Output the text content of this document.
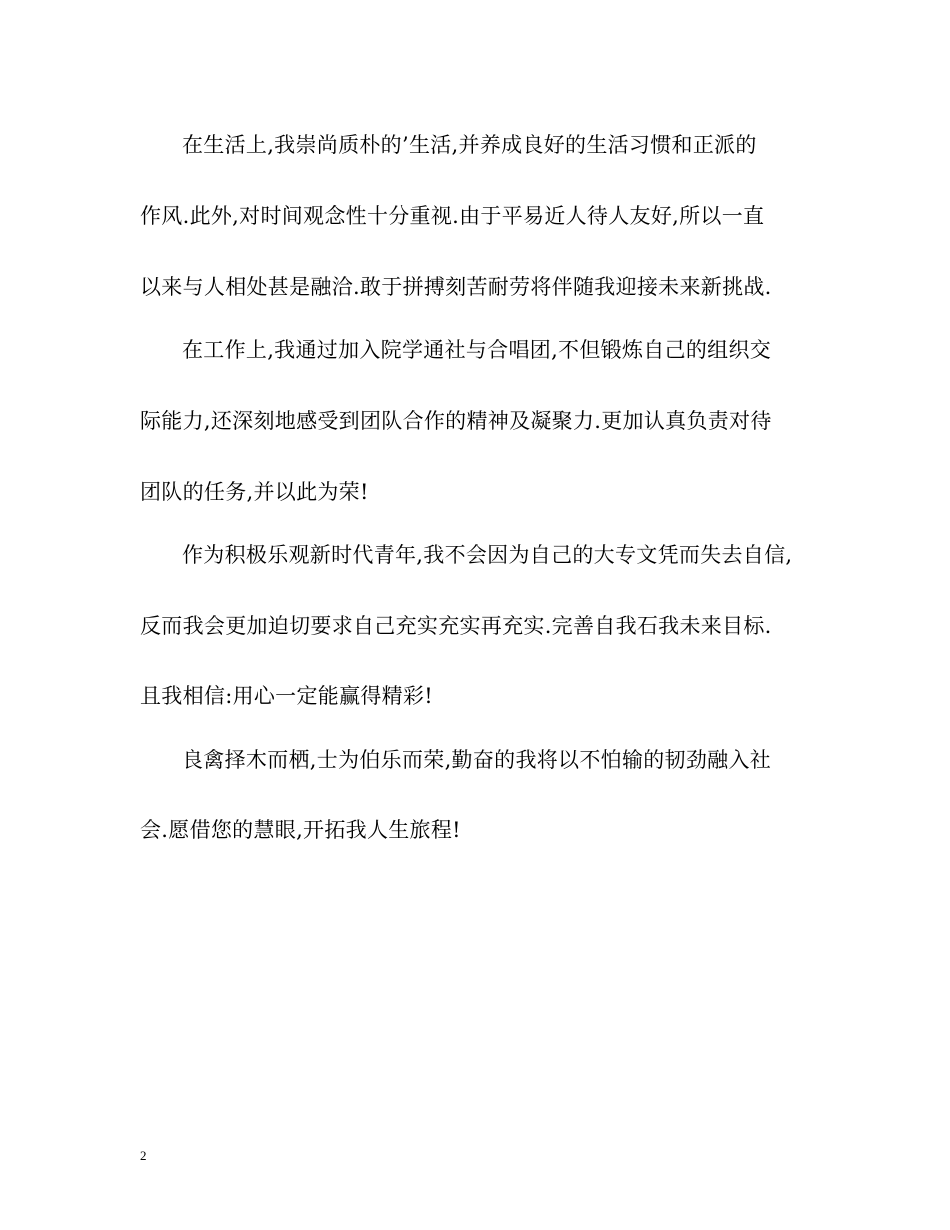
在生活上,我崇尚质朴的’生活,并养成良好的生活习惯和正派的
作风.此外,对时间观念性十分重视.由于平易近人待人友好,所以一直
以来与人相处甚是融洽.敢于拼搏刻苦耐劳将伴随我迎接未来新挑战.
在工作上,我通过加入院学通社与合唱团,不但锻炼自己的组织交
际能力,还深刻地感受到团队合作的精神及凝聚力.更加认真负责对待
团队的任务,并以此为荣!
作为积极乐观新时代青年,我不会因为自己的大专文凭而失去自信,
反而我会更加迫切要求自己充实充实再充实.完善自我石我未来目标.
且我相信:用心一定能赢得精彩!
良禽择木而栖,士为伯乐而荣,勤奋的我将以不怕输的韧劲融入社
会.愿借您的慧眼,开拓我人生旅程!
2
